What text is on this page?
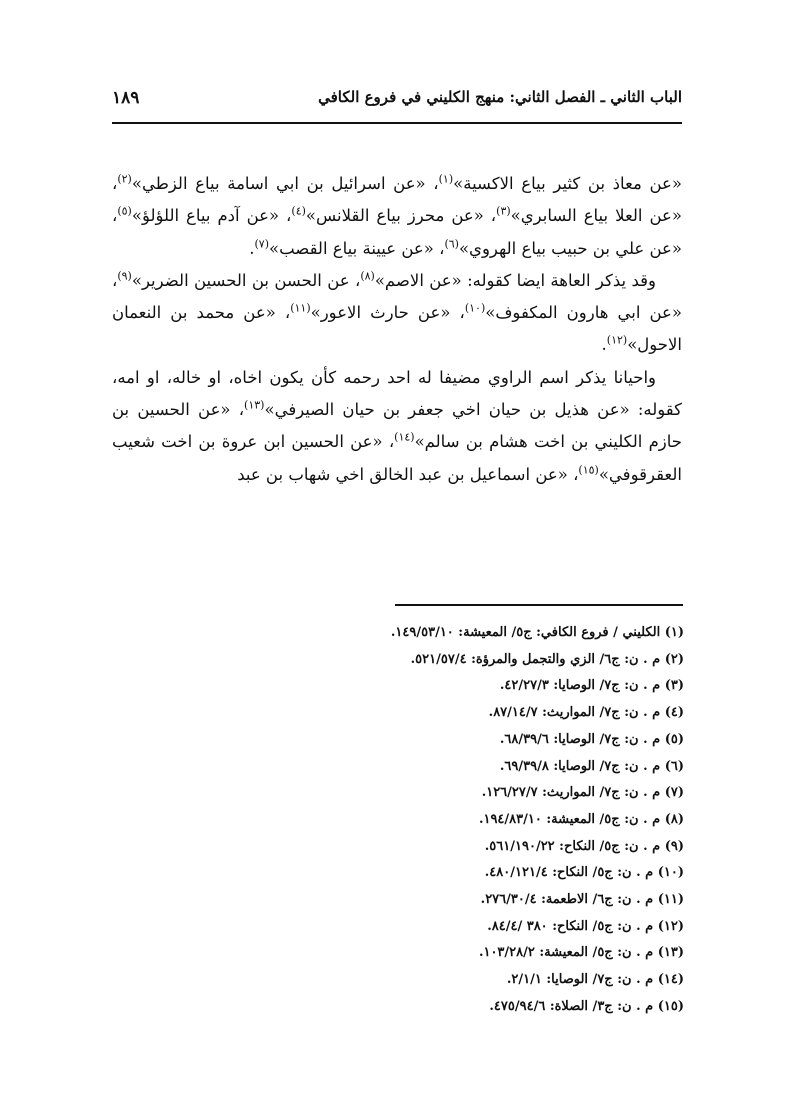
الباب الثاني ـ الفصل الثاني: منهج الكليني في فروع الكافي
١٨٩

«عن معاذ بن كثير بياع الاكسية»$^{(١)}$، «عن اسرائيل بن ابي اسامة بياع الزطي»$^{(٢)}$، «عن العلا بياع السابري»$^{(٣)}$، «عن محرز بياع القلانس»$^{(٤)}$، «عن آدم بياع اللؤلؤ»$^{(٥)}$، «عن علي بن حبيب بياع الهروي»$^{(٦)}$، «عن عيينة بياع القصب»$^{(٧)}$.

وقد يذكر العاهة ايضا كقوله: «عن الاصم»$^{(٨)}$، عن الحسن بن الحسين الضرير»$^{(٩)}$، «عن ابي هارون المكفوف»$^{(١٠)}$، «عن حارث الاعور»$^{(١١)}$، «عن محمد بن النعمان الاحول»$^{(١٢)}$.

واحيانا يذكر اسم الراوي مضيفا له احد رحمه كأن يكون اخاه، او خاله، او امه، كقوله: «عن هذيل بن حيان اخي جعفر بن حيان الصيرفي»$^{(١٣)}$، «عن الحسين بن حازم الكليني بن اخت هشام بن سالم»$^{(١٤)}$، «عن الحسين ابن عروة بن اخت شعيب العقرقوفي»$^{(١٥)}$، «عن اسماعيل بن عبد الخالق اخي شهاب بن عبد

(١) الكليني / فروع الكافي: ج٥/ المعيشة: ١٤٩/٥٣/١٠.
(٢) م . ن: ج٦/ الزي والتجمل والمرؤة: ٥٢١/٥٧/٤.
(٣) م . ن: ج٧/ الوصايا: ٤٢/٢٧/٣.
(٤) م . ن: ج٧/ المواريث: ٨٧/١٤/٧.
(٥) م . ن: ج٧/ الوصايا: ٦٨/٣٩/٦.
(٦) م . ن: ج٧/ الوصايا: ٦٩/٣٩/٨.
(٧) م . ن: ج٧/ المواريث: ١٢٦/٢٧/٧.
(٨) م . ن: ج٥/ المعيشة: ١٩٤/٨٣/١٠.
(٩) م . ن: ج٥/ النكاح: ٥٦١/١٩٠/٢٢.
(١٠) م . ن: ج٥/ النكاح: ٤٨٠/١٢١/٤.
(١١) م . ن: ج٦/ الاطعمة: ٢٧٦/٣٠/٤.
(١٢) م . ن: ج٥/ النكاح: ٣٨٠ /٨٤/٤.
(١٣) م . ن: ج٥/ المعيشة: ١٠٣/٢٨/٢.
(١٤) م . ن: ج٧/ الوصايا: ٢/١/١.
(١٥) م . ن: ج٣/ الصلاة: ٤٧٥/٩٤/٦.
